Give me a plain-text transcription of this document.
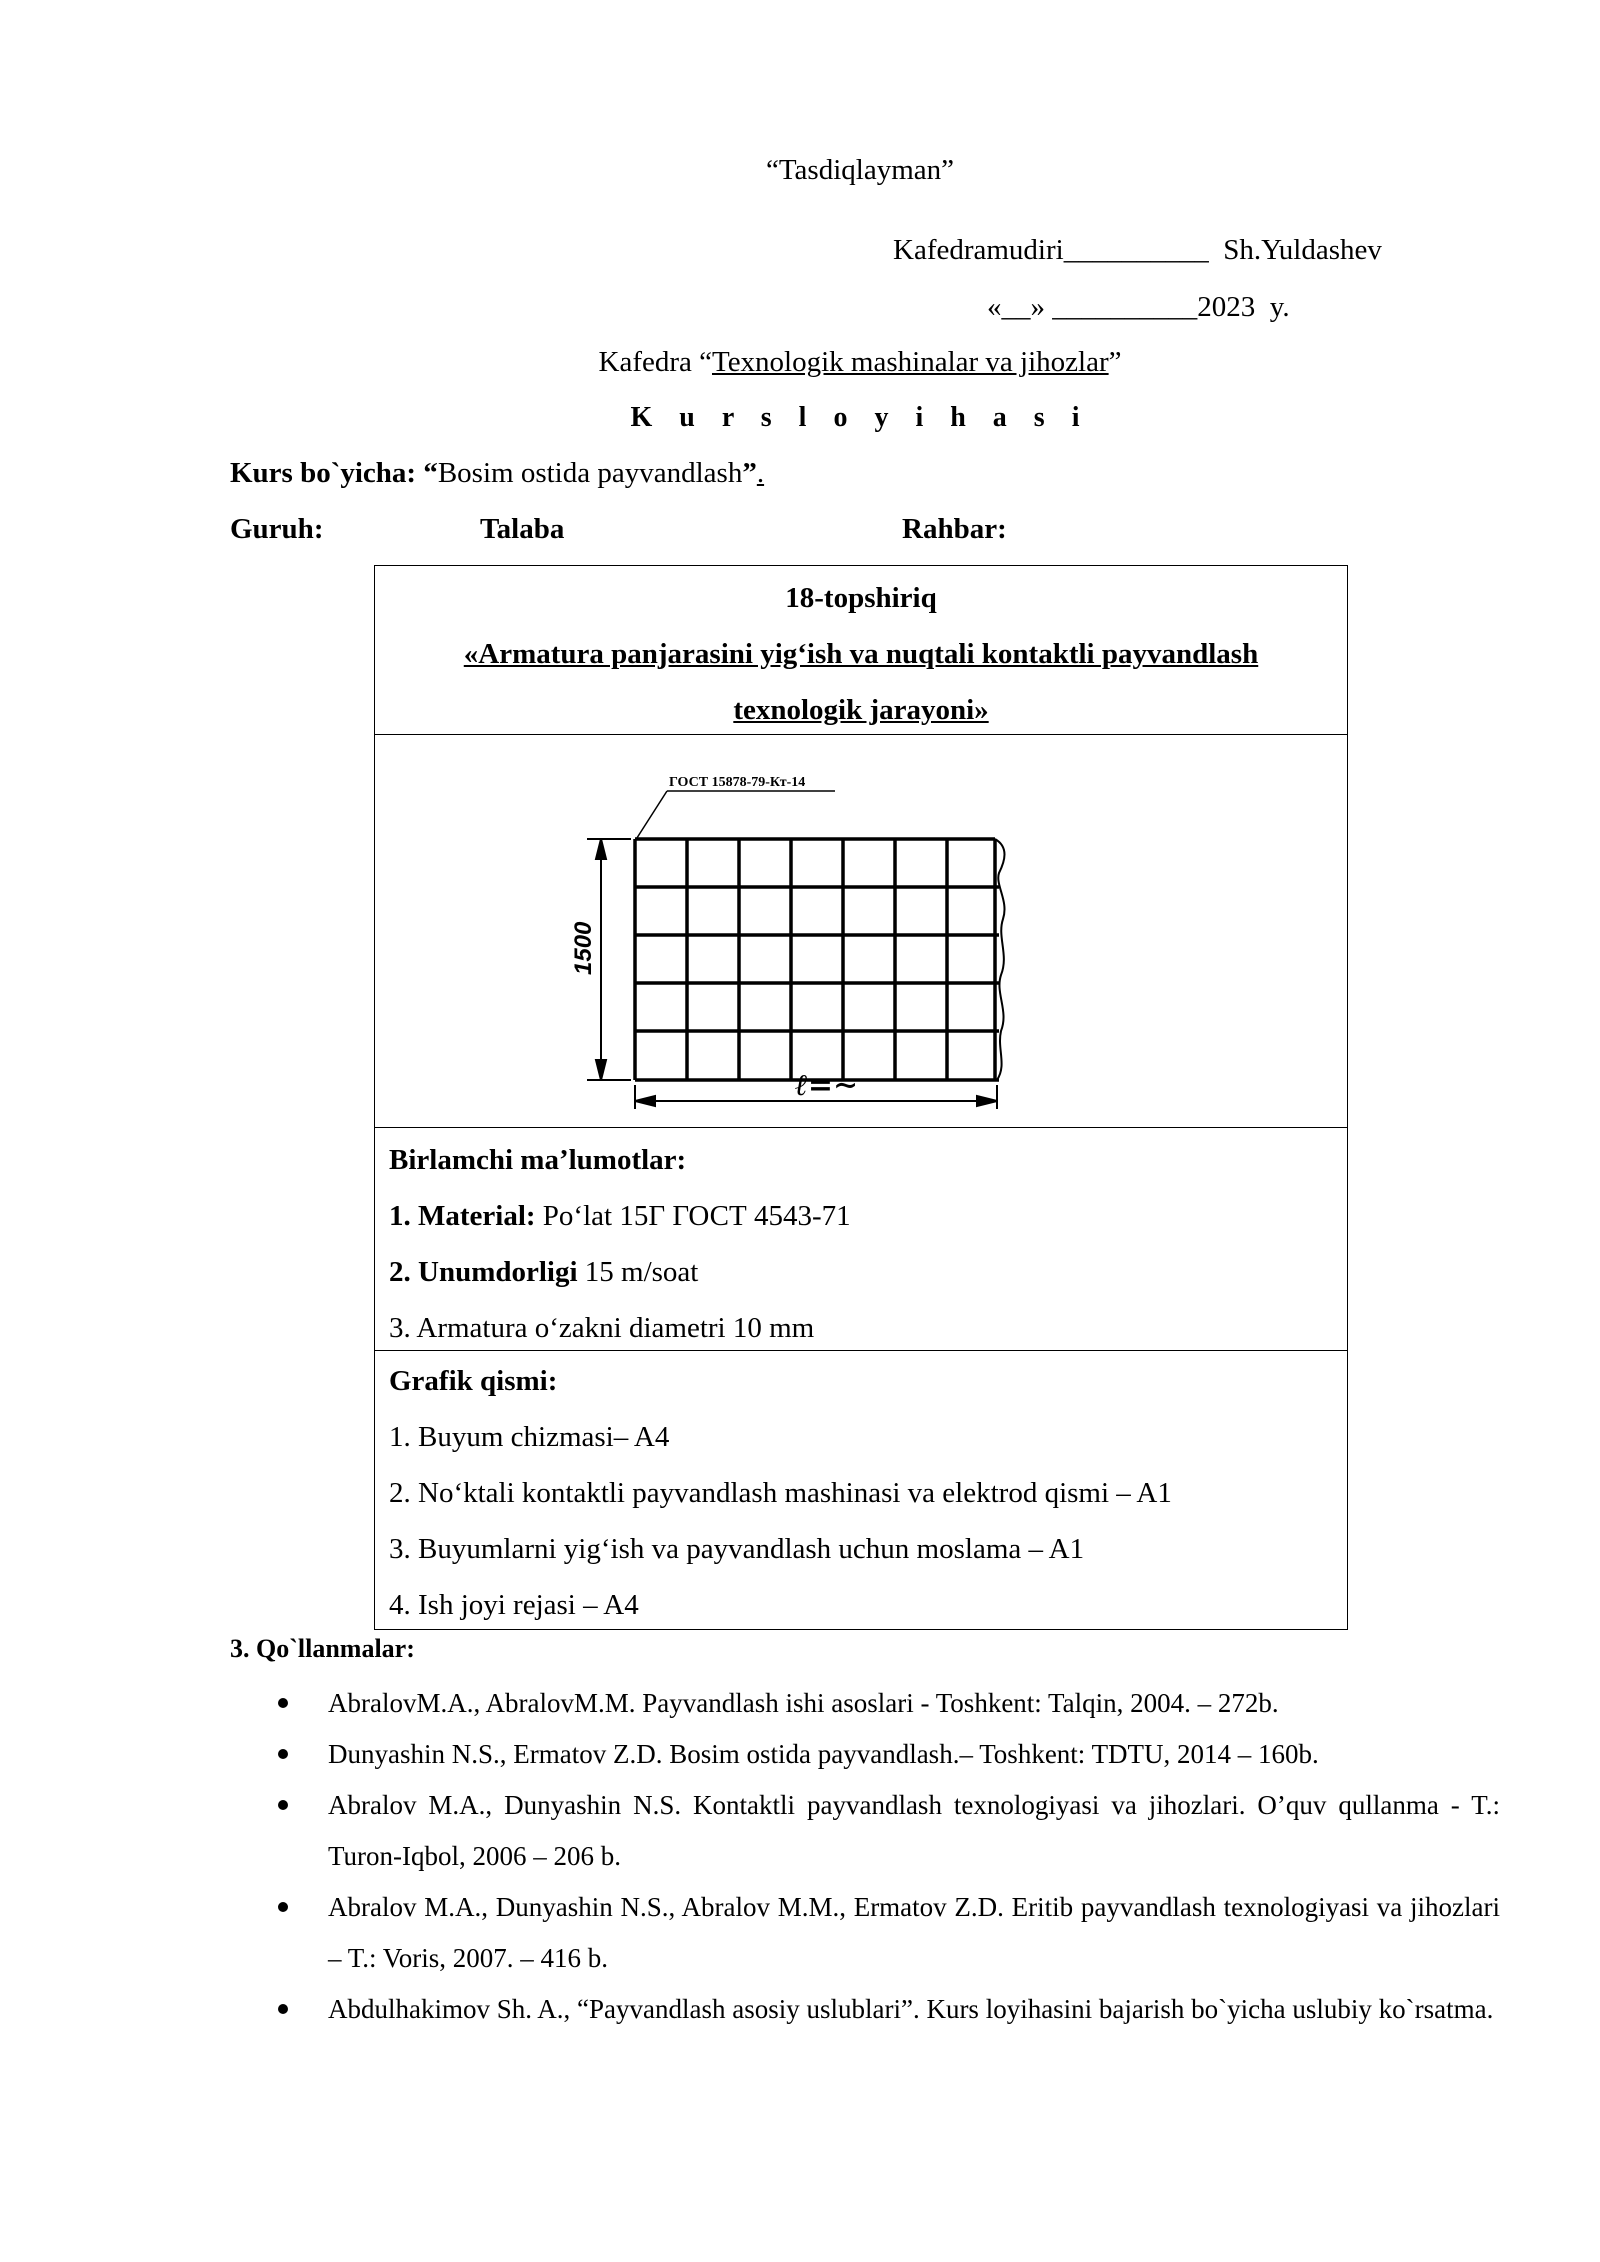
“Tasdiqlayman”
Kafedramudiri__________ Sh.Yuldashev
«__» __________2023 y.
Kafedra “Texnologik mashinalar va jihozlar”
K u r s l o y i h a s i
Kurs bo`yicha: “Bosim ostida payvandlash”.
Guruh:	Talaba	Rahbar:
18-topshiriq
«Armatura panjarasini yig‘ish va nuqtali kontaktli payvandlash
texnologik jarayoni»
ГОСТ 15878-79-Кт-14
1500
ℓ=∼
Birlamchi ma’lumotlar:
1. Material: Po‘lat 15Г ГОСТ 4543-71
2. Unumdorligi 15 m/soat
3. Armatura o‘zakni diametri 10 mm
Grafik qismi:
1. Buyum chizmasi– A4
2. No‘ktali kontaktli payvandlash mashinasi va elektrod qismi – A1
3. Buyumlarni yig‘ish va payvandlash uchun moslama – A1
4. Ish joyi rejasi – A4
3. Qo`llanmalar:
AbralovM.A., AbralovM.M. Payvandlash ishi asoslari - Toshkent: Talqin, 2004. – 272b.
Dunyashin N.S., Ermatov Z.D. Bosim ostida payvandlash.– Toshkent: TDTU, 2014 – 160b.
Abralov M.A., Dunyashin N.S. Kontaktli payvandlash texnologiyasi va jihozlari. O’quv qullanma - T.: Turon-Iqbol, 2006 – 206 b.
Abralov M.A., Dunyashin N.S., Abralov M.M., Ermatov Z.D. Eritib payvandlash texnologiyasi va jihozlari – T.: Voris, 2007. – 416 b.
Abdulhakimov Sh. A., “Payvandlash asosiy uslublari”. Kurs loyihasini bajarish bo`yicha uslubiy ko`rsatma.
